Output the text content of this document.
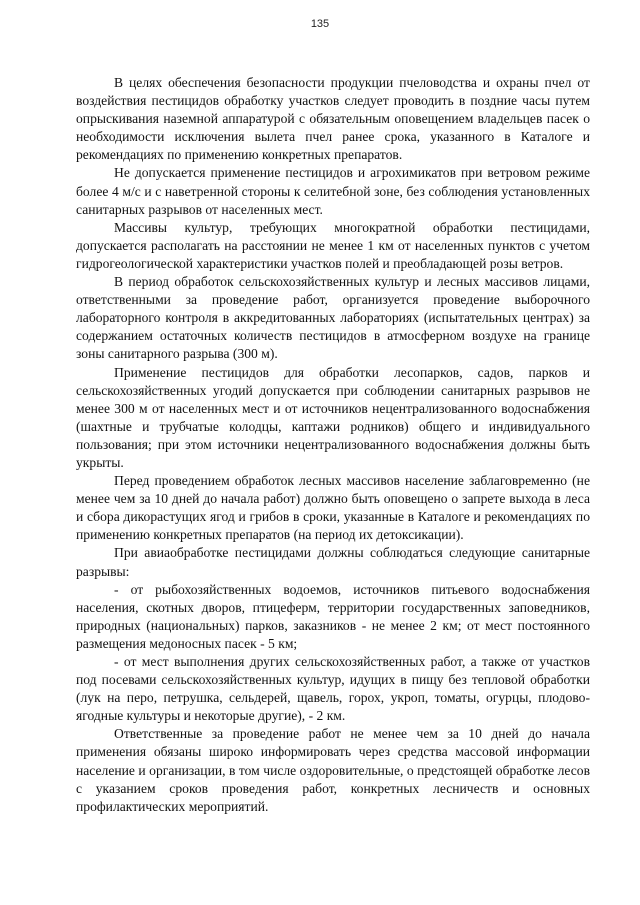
135

В целях обеспечения безопасности продукции пчеловодства и охраны пчел от воздействия пестицидов обработку участков следует проводить в поздние часы путем опрыскивания наземной аппаратурой с обязательным оповещением владельцев пасек о необходимости исключения вылета пчел ранее срока, указанного в Каталоге и рекомендациях по применению конкретных препаратов.

Не допускается применение пестицидов и агрохимикатов при ветровом режиме более 4 м/с и с наветренной стороны к селитебной зоне, без соблюдения установленных санитарных разрывов от населенных мест.

Массивы культур, требующих многократной обработки пестицидами, допускается располагать на расстоянии не менее 1 км от населенных пунктов с учетом гидрогеологической характеристики участков полей и преобладающей розы ветров.

В период обработок сельскохозяйственных культур и лесных массивов лицами, ответственными за проведение работ, организуется проведение выборочного лабораторного контроля в аккредитованных лабораториях (испытательных центрах) за содержанием остаточных количеств пестицидов в атмосферном воздухе на границе зоны санитарного разрыва (300 м).

Применение пестицидов для обработки лесопарков, садов, парков и сельскохозяйственных угодий допускается при соблюдении санитарных разрывов не менее 300 м от населенных мест и от источников нецентрализованного водоснабжения (шахтные и трубчатые колодцы, каптажи родников) общего и индивидуального пользования; при этом источники нецентрализованного водоснабжения должны быть укрыты.

Перед проведением обработок лесных массивов население заблаговременно (не менее чем за 10 дней до начала работ) должно быть оповещено о запрете выхода в леса и сбора дикорастущих ягод и грибов в сроки, указанные в Каталоге и рекомендациях по применению конкретных препаратов (на период их детоксикации).

При авиаобработке пестицидами должны соблюдаться следующие санитарные разрывы:

- от рыбохозяйственных водоемов, источников питьевого водоснабжения населения, скотных дворов, птицеферм, территории государственных заповедников, природных (национальных) парков, заказников - не менее 2 км; от мест постоянного размещения медоносных пасек - 5 км;

- от мест выполнения других сельскохозяйственных работ, а также от участков под посевами сельскохозяйственных культур, идущих в пищу без тепловой обработки (лук на перо, петрушка, сельдерей, щавель, горох, укроп, томаты, огурцы, плодово-ягодные культуры и некоторые другие), - 2 км.

Ответственные за проведение работ не менее чем за 10 дней до начала применения обязаны широко информировать через средства массовой информации население и организации, в том числе оздоровительные, о предстоящей обработке лесов с указанием сроков проведения работ, конкретных лесничеств и основных профилактических мероприятий.
